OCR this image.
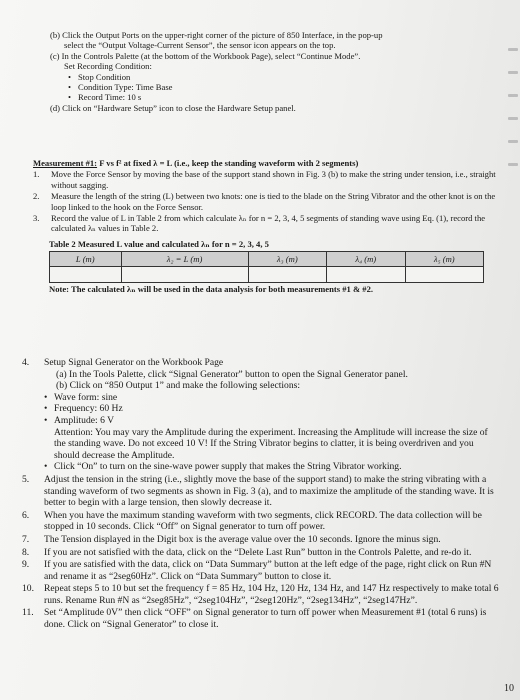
(b) Click the Output Ports on the upper-right corner of the picture of 850 Interface, in the pop-up
select the “Output Voltage-Current Sensor”, the sensor icon appears on the top.
(c) In the Controls Palette (at the bottom of the Workbook Page), select “Continue Mode”.
Set Recording Condition:
• Stop Condition
• Condition Type: Time Base
• Record Time: 10 s
(d) Click on “Hardware Setup” icon to close the Hardware Setup panel.
Measurement #1: F vs f² at fixed λ = L (i.e., keep the standing waveform with 2 segments)
1. Move the Force Sensor by moving the base of the support stand shown in Fig. 3 (b) to make the string under tension, i.e., straight without sagging.
2. Measure the length of the string (L) between two knots: one is tied to the blade on the String Vibrator and the other knot is on the loop linked to the hook on the Force Sensor.
3. Record the value of L in Table 2 from which calculate λₙ for n = 2, 3, 4, 5 segments of standing wave using Eq. (1), record the calculated λₙ values in Table 2.
Table 2 Measured L value and calculated λₙ for n = 2, 3, 4, 5
L (m)	λ₂ = L (m)	λ₃ (m)	λ₄ (m)	λ₅ (m)

Note: The calculated λₙ will be used in the data analysis for both measurements #1 & #2.
4. Setup Signal Generator on the Workbook Page
(a) In the Tools Palette, click “Signal Generator” button to open the Signal Generator panel.
(b) Click on “850 Output 1” and make the following selections:
• Wave form: sine
• Frequency: 60 Hz
• Amplitude: 6 V
Attention: You may vary the Amplitude during the experiment. Increasing the Amplitude will increase the size of the standing wave. Do not exceed 10 V! If the String Vibrator begins to clatter, it is being overdriven and you should decrease the Amplitude.
• Click “On” to turn on the sine-wave power supply that makes the String Vibrator working.
5. Adjust the tension in the string (i.e., slightly move the base of the support stand) to make the string vibrating with a standing waveform of two segments as shown in Fig. 3 (a), and to maximize the amplitude of the standing wave. It is better to begin with a large tension, then slowly decrease it.
6. When you have the maximum standing waveform with two segments, click RECORD. The data collection will be stopped in 10 seconds. Click “Off” on Signal generator to turn off power.
7. The Tension displayed in the Digit box is the average value over the 10 seconds. Ignore the minus sign.
8. If you are not satisfied with the data, click on the “Delete Last Run” button in the Controls Palette, and re-do it.
9. If you are satisfied with the data, click on “Data Summary” button at the left edge of the page, right click on Run #N and rename it as “2seg60Hz”. Click on “Data Summary” button to close it.
10. Repeat steps 5 to 10 but set the frequency f = 85 Hz, 104 Hz, 120 Hz, 134 Hz, and 147 Hz respectively to make total 6 runs. Rename Run #N as “2seg85Hz”, “2seg104Hz”, “2seg120Hz”, “2seg134Hz”, “2seg147Hz”.
11. Set “Amplitude 0V” then click “OFF” on Signal generator to turn off power when Measurement #1 (total 6 runs) is done. Click on “Signal Generator” to close it.
10
